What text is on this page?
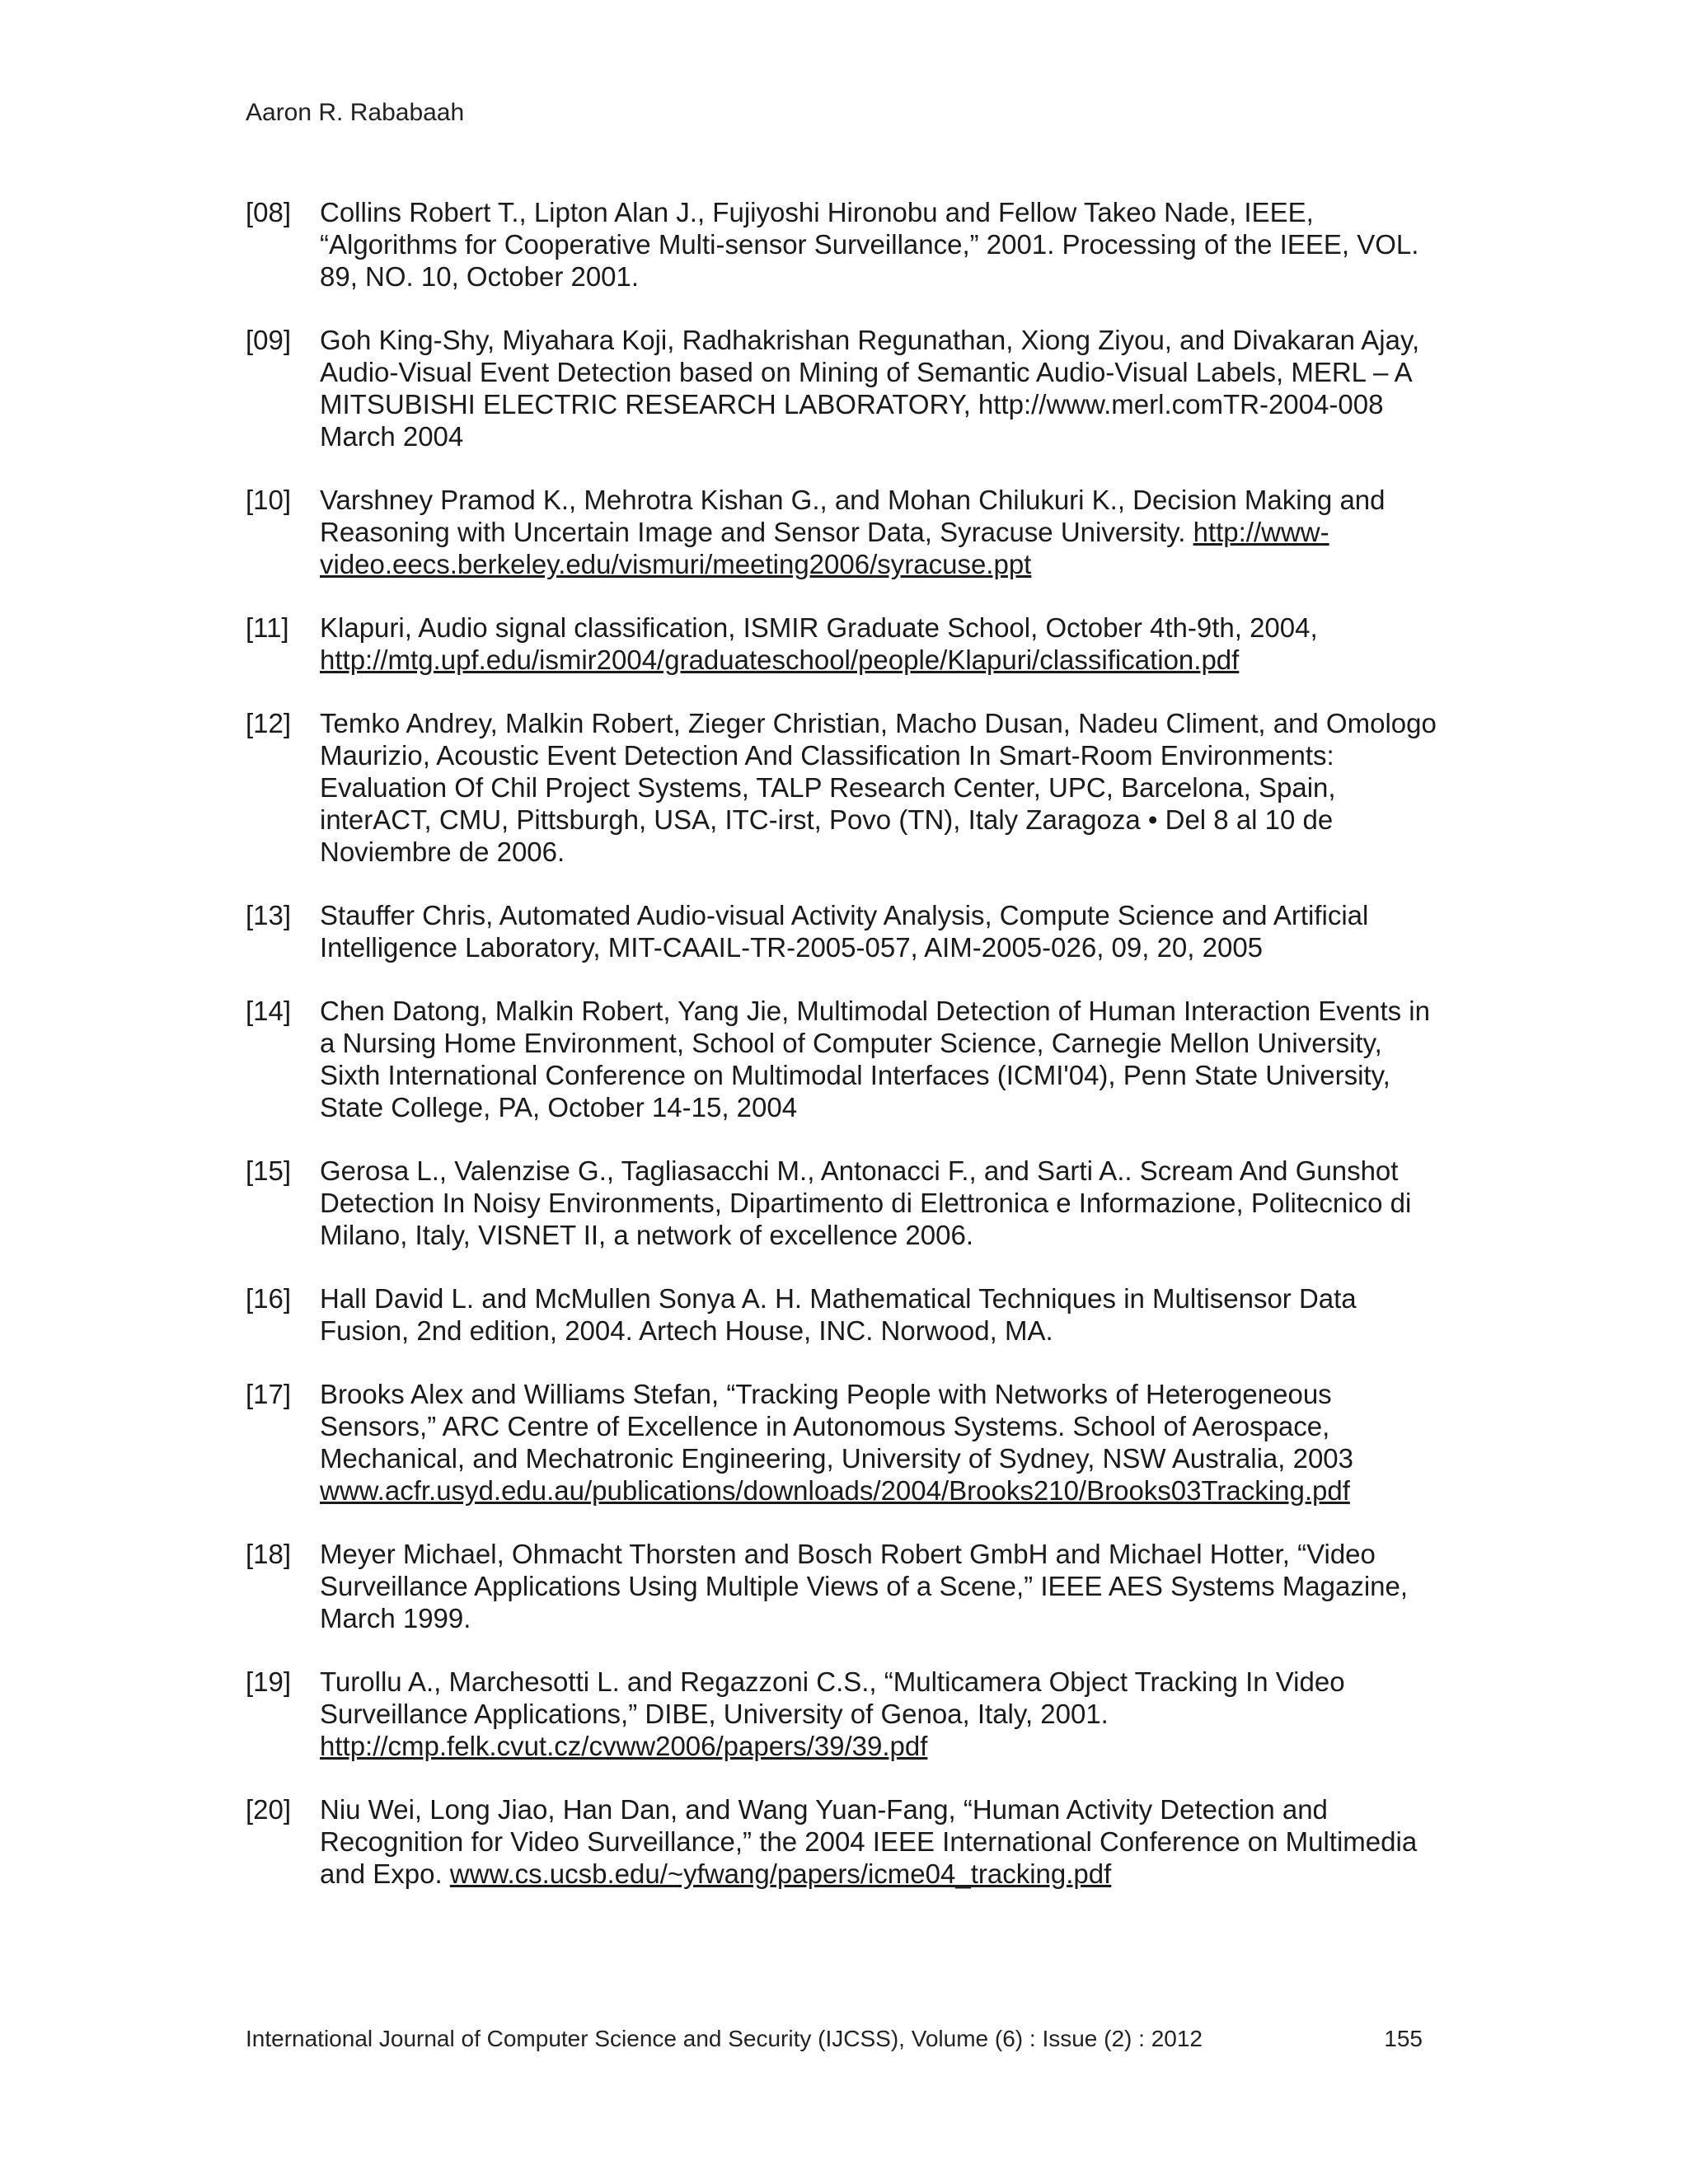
Aaron R. Rababaah
[08] Collins Robert T., Lipton Alan J., Fujiyoshi Hironobu and Fellow Takeo Nade, IEEE, “Algorithms for Cooperative Multi-sensor Surveillance,” 2001. Processing of the IEEE, VOL. 89, NO. 10, October 2001.
[09] Goh King-Shy, Miyahara Koji, Radhakrishan Regunathan, Xiong Ziyou, and Divakaran Ajay, Audio-Visual Event Detection based on Mining of Semantic Audio-Visual Labels, MERL – A MITSUBISHI ELECTRIC RESEARCH LABORATORY, http://www.merl.comTR-2004-008 March 2004
[10] Varshney Pramod K., Mehrotra Kishan G., and Mohan Chilukuri K., Decision Making and Reasoning with Uncertain Image and Sensor Data, Syracuse University. http://www-video.eecs.berkeley.edu/vismuri/meeting2006/syracuse.ppt
[11] Klapuri, Audio signal classification, ISMIR Graduate School, October 4th-9th, 2004, http://mtg.upf.edu/ismir2004/graduateschool/people/Klapuri/classification.pdf
[12] Temko Andrey, Malkin Robert, Zieger Christian, Macho Dusan, Nadeu Climent, and Omologo Maurizio, Acoustic Event Detection And Classification In Smart-Room Environments: Evaluation Of Chil Project Systems, TALP Research Center, UPC, Barcelona, Spain, interACT, CMU, Pittsburgh, USA, ITC-irst, Povo (TN), Italy Zaragoza • Del 8 al 10 de Noviembre de 2006.
[13] Stauffer Chris, Automated Audio-visual Activity Analysis, Compute Science and Artificial Intelligence Laboratory, MIT-CAAIL-TR-2005-057, AIM-2005-026, 09, 20, 2005
[14] Chen Datong, Malkin Robert, Yang Jie, Multimodal Detection of Human Interaction Events in a Nursing Home Environment, School of Computer Science, Carnegie Mellon University, Sixth International Conference on Multimodal Interfaces (ICMI'04), Penn State University, State College, PA, October 14-15, 2004
[15] Gerosa L., Valenzise G., Tagliasacchi M., Antonacci F., and Sarti A.. Scream And Gunshot Detection In Noisy Environments, Dipartimento di Elettronica e Informazione, Politecnico di Milano, Italy, VISNET II, a network of excellence 2006.
[16] Hall David L. and McMullen Sonya A. H. Mathematical Techniques in Multisensor Data Fusion, 2nd edition, 2004. Artech House, INC. Norwood, MA.
[17] Brooks Alex and Williams Stefan, “Tracking People with Networks of Heterogeneous Sensors,” ARC Centre of Excellence in Autonomous Systems. School of Aerospace, Mechanical, and Mechatronic Engineering, University of Sydney, NSW Australia, 2003 www.acfr.usyd.edu.au/publications/downloads/2004/Brooks210/Brooks03Tracking.pdf
[18] Meyer Michael, Ohmacht Thorsten and Bosch Robert GmbH and Michael Hotter, “Video Surveillance Applications Using Multiple Views of a Scene,” IEEE AES Systems Magazine, March 1999.
[19] Turollu A., Marchesotti L. and Regazzoni C.S., “Multicamera Object Tracking In Video Surveillance Applications,” DIBE, University of Genoa, Italy, 2001. http://cmp.felk.cvut.cz/cvww2006/papers/39/39.pdf
[20] Niu Wei, Long Jiao, Han Dan, and Wang Yuan-Fang, “Human Activity Detection and Recognition for Video Surveillance,” the 2004 IEEE International Conference on Multimedia and Expo. www.cs.ucsb.edu/~yfwang/papers/icme04_tracking.pdf
International Journal of Computer Science and Security (IJCSS), Volume (6) : Issue (2) : 2012	155
